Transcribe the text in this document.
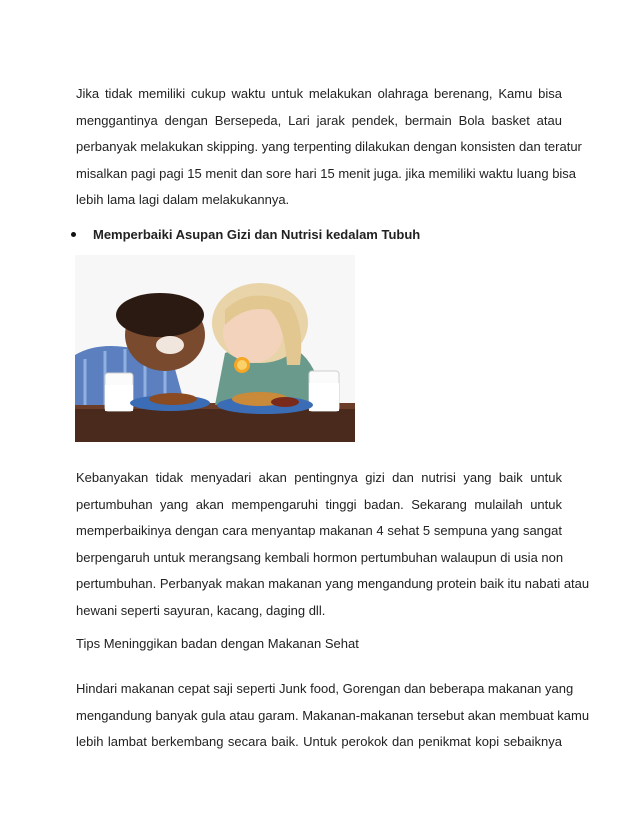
Jika tidak memiliki cukup waktu untuk melakukan olahraga berenang, Kamu bisa
menggantinya dengan Bersepeda, Lari jarak pendek, bermain Bola basket atau
perbanyak melakukan skipping. yang terpenting dilakukan dengan konsisten dan teratur
misalkan pagi pagi 15 menit dan sore hari 15 menit juga. jika memiliki waktu luang bisa
lebih lama lagi dalam melakukannya.

Memperbaiki Asupan Gizi dan Nutrisi kedalam Tubuh

Kebanyakan tidak menyadari akan pentingnya gizi dan nutrisi yang baik untuk
pertumbuhan yang akan mempengaruhi tinggi badan. Sekarang mulailah untuk
memperbaikinya dengan cara menyantap makanan 4 sehat 5 sempuna yang sangat
berpengaruh untuk merangsang kembali hormon pertumbuhan walaupun di usia non
pertumbuhan. Perbanyak makan makanan yang mengandung protein baik itu nabati atau
hewani seperti sayuran, kacang, daging dll.

Tips Meninggikan badan dengan Makanan Sehat

Hindari makanan cepat saji seperti Junk food, Gorengan dan beberapa makanan yang
mengandung banyak gula atau garam. Makanan-makanan tersebut akan membuat kamu
lebih lambat berkembang secara baik. Untuk perokok dan penikmat kopi sebaiknya
